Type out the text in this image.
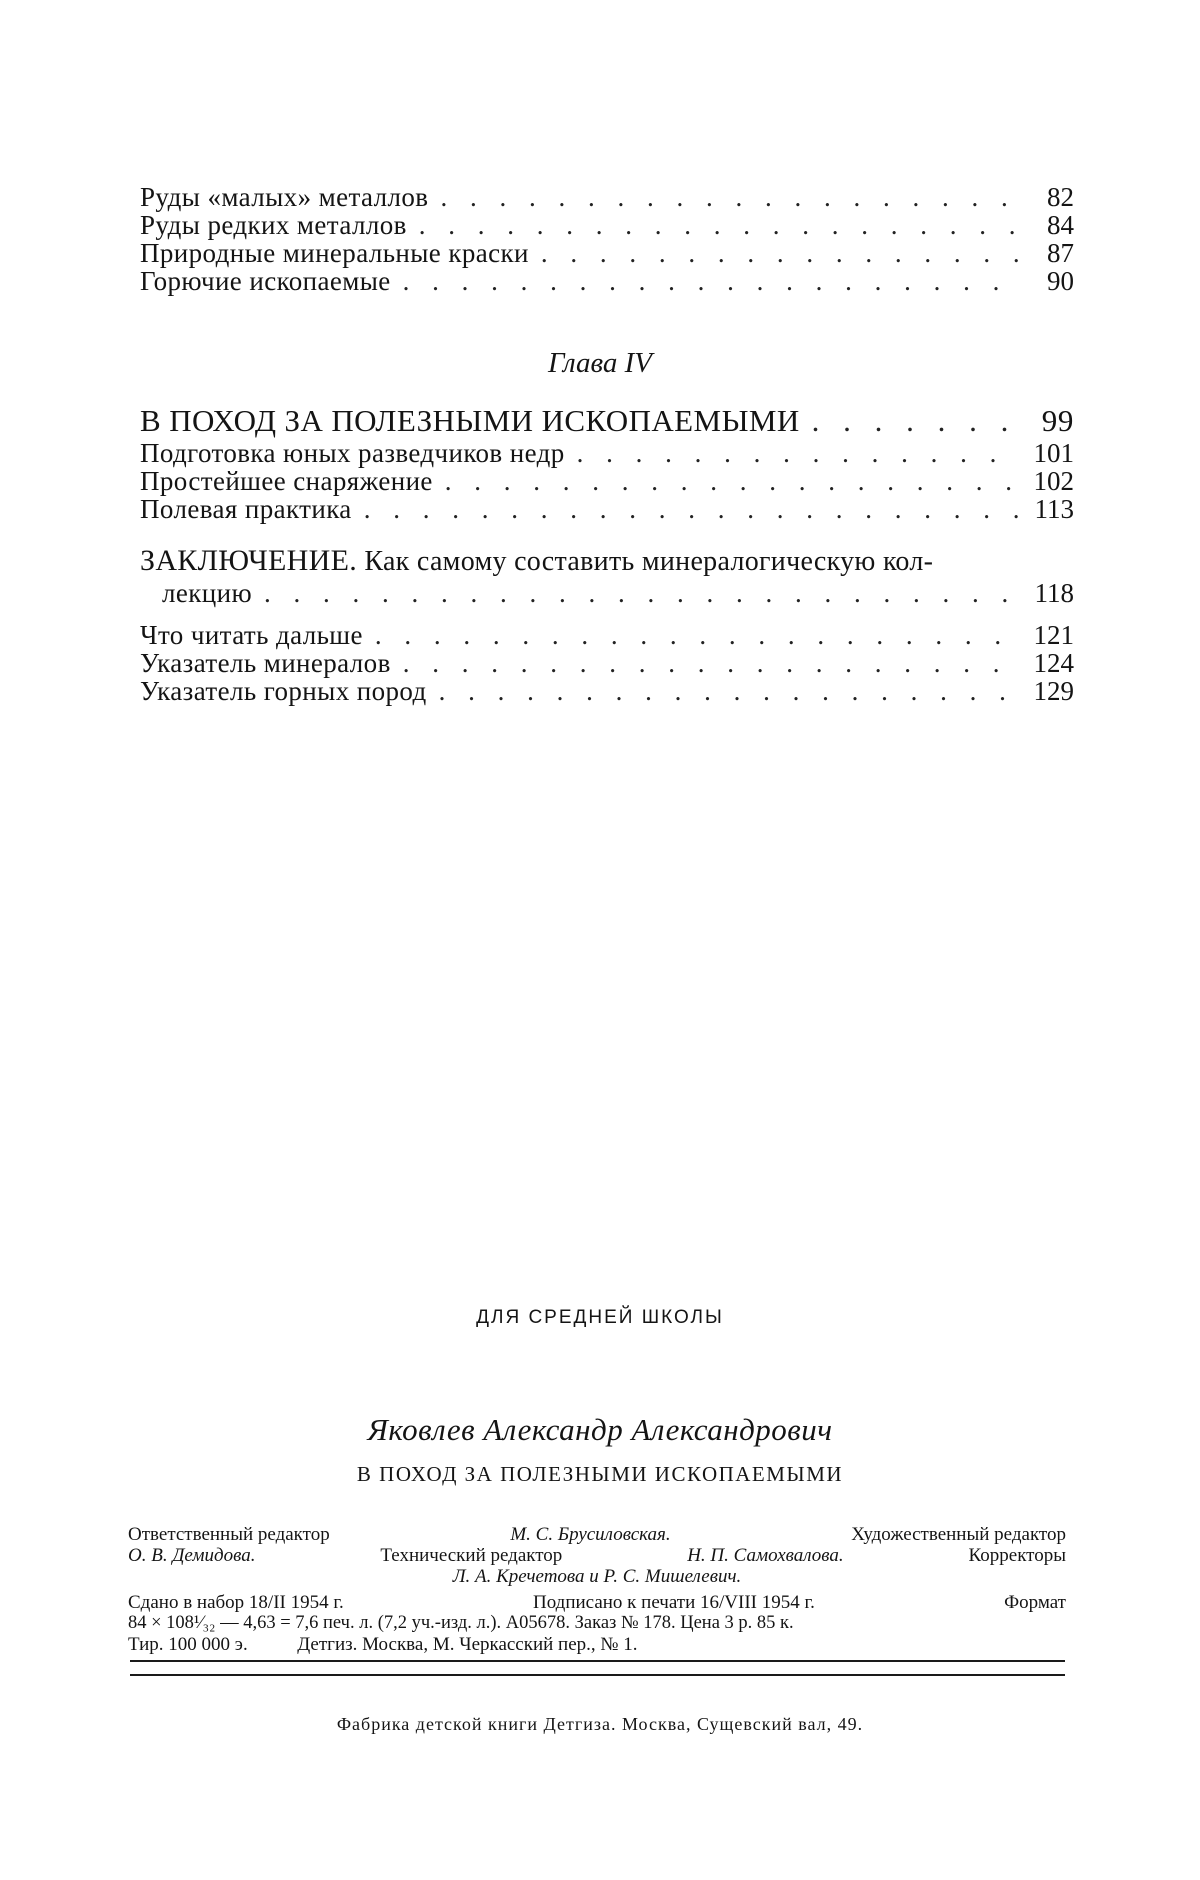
Руды «малых» металлов
. . .	82
Руды редких металлов
. . .	84
Природные минеральные краски
. . .	87
Горючие ископаемые
. . .	90
Глава IV
В ПОХОД ЗА ПОЛЕЗНЫМИ ИСКОПАЕМЫМИ
. . .	99
Подготовка юных разведчиков недр
. . .	101
Простейшее снаряжение
. . .	102
Полевая практика
. . .	113
ЗАКЛЮЧЕНИЕ. Как самому составить минералогическую кол-
лекцию
. . .	118
Что читать дальше
. . .	121
Указатель минералов
. . .	124
Указатель горных пород
. . .	129
ДЛЯ СРЕДНЕЙ ШКОЛЫ
Яковлев Александр Александрович
В ПОХОД ЗА ПОЛЕЗНЫМИ ИСКОПАЕМЫМИ
Ответственный редактор	М. С. Брусиловская.	Художественный редактор
О. В. Демидова.	Технический редактор	Н. П. Самохвалова.	Корректоры
Л. А. Кречетова и Р. С. Мишелевич.
Сдано в набор 18/II 1954 г.	Подписано к печати 16/VIII 1954 г.	Формат
84 × 108¹⁄₃₂ — 4,63 = 7,6 печ. л. (7,2 уч.-изд. л.). А05678. Заказ № 178. Цена 3 р. 85 к.
Тир. 100 000 э.	Детгиз. Москва, М. Черкасский пер., № 1.
Фабрика детской книги Детгиза. Москва, Сущевский вал, 49.
